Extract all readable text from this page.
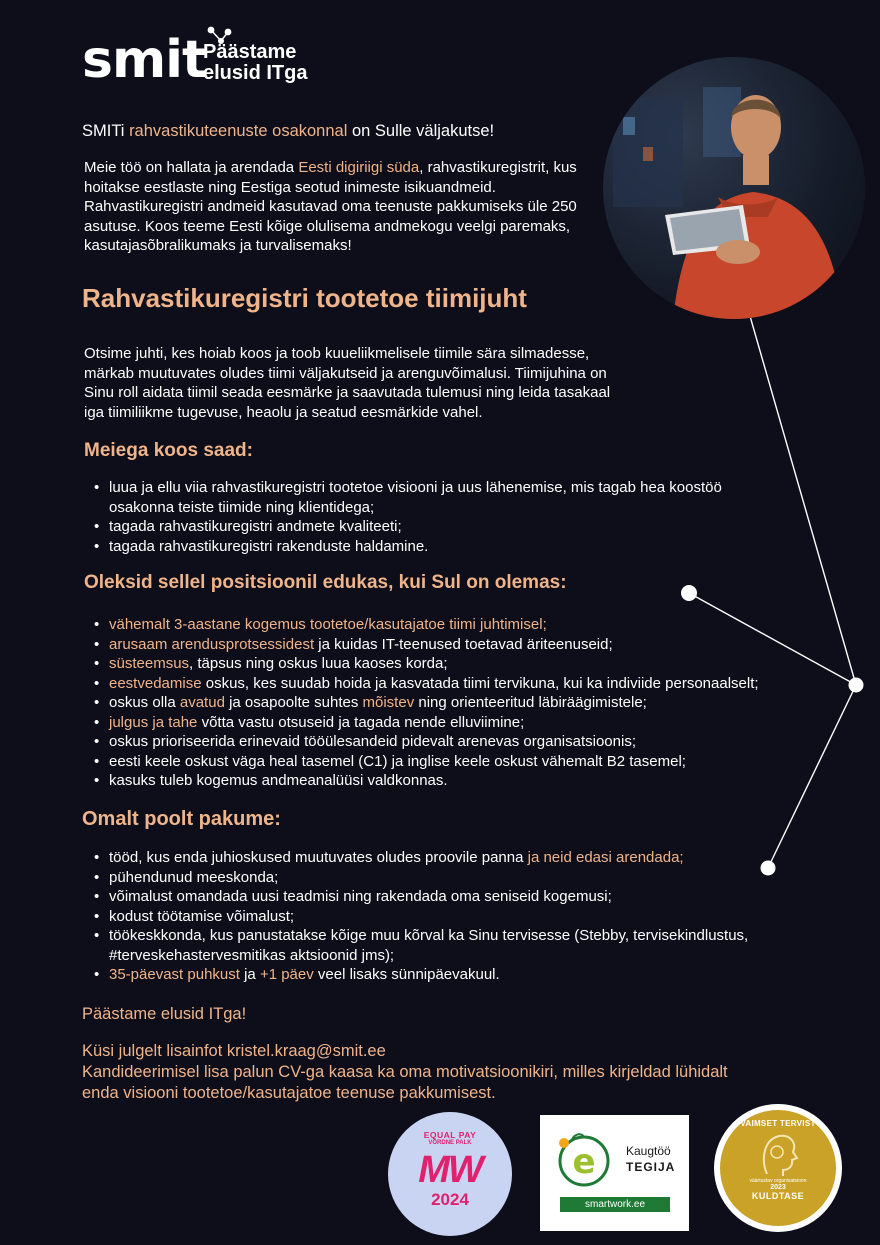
smit
Päästame
elusid ITga
SMITi rahvastikuteenuste osakonnal on Sulle väljakutse!
Meie töö on hallata ja arendada Eesti digiriigi süda, rahvastikuregistrit, kus
hoitakse eestlaste ning Eestiga seotud inimeste isikuandmeid.
Rahvastikuregistri andmeid kasutavad oma teenuste pakkumiseks üle 250
asutuse. Koos teeme Eesti kõige olulisema andmekogu veelgi paremaks,
kasutajasõbralikumaks ja turvalisemaks!
Rahvastikuregistri tootetoe tiimijuht
Otsime juhti, kes hoiab koos ja toob kuueliikmelisele tiimile sära silmadesse,
märkab muutuvates oludes tiimi väljakutseid ja arenguvõimalusi. Tiimijuhina on
Sinu roll aidata tiimil seada eesmärke ja saavutada tulemusi ning leida tasakaal
iga tiimiliikme tugevuse, heaolu ja seatud eesmärkide vahel.
Meiega koos saad:
• luua ja ellu viia rahvastikuregistri tootetoe visiooni ja uus lähenemise, mis tagab hea koostöö
osakonna teiste tiimide ning klientidega;
• tagada rahvastikuregistri andmete kvaliteeti;
• tagada rahvastikuregistri rakenduste haldamine.
Oleksid sellel positsioonil edukas, kui Sul on olemas:
• vähemalt 3-aastane kogemus tootetoe/kasutajatoe tiimi juhtimisel;
• arusaam arendusprotsessidest ja kuidas IT-teenused toetavad äriteenuseid;
• süsteemsus, täpsus ning oskus luua kaoses korda;
• eestvedamise oskus, kes suudab hoida ja kasvatada tiimi tervikuna, kui ka indiviide personaalselt;
• oskus olla avatud ja osapoolte suhtes mõistev ning orienteeritud läbiräägimistele;
• julgus ja tahe võtta vastu otsuseid ja tagada nende elluviimine;
• oskus prioriseerida erinevaid tööülesandeid pidevalt arenevas organisatsioonis;
• eesti keele oskust väga heal tasemel (C1) ja inglise keele oskust vähemalt B2 tasemel;
• kasuks tuleb kogemus andmeanalüüsi valdkonnas.
Omalt poolt pakume:
• tööd, kus enda juhioskused muutuvates oludes proovile panna ja neid edasi arendada;
• pühendunud meeskonda;
• võimalust omandada uusi teadmisi ning rakendada oma seniseid kogemusi;
• kodust töötamise võimalust;
• töökeskkonda, kus panustatakse kõige muu kõrval ka Sinu tervisesse (Stebby, tervisekindlustus,
#terveskehastervesmitikas aktsioonid jms);
• 35-päevast puhkust ja +1 päev veel lisaks sünnipäevakuul.
Päästame elusid ITga!
Küsi julgelt lisainfot kristel.kraag@smit.ee
Kandideerimisel lisa palun CV-ga kaasa ka oma motivatsioonikiri, milles kirjeldad lühidalt
enda visiooni tootetoe/kasutajatoe teenuse pakkumisest.
EQUAL PAY
VÕRDNE PALK
MW
2024
e	Kaugtöö
TEGIJA
smartwork.ee
VAIMSET TERVIST
väärtustav organisatsioon
2023
KULDTASE
